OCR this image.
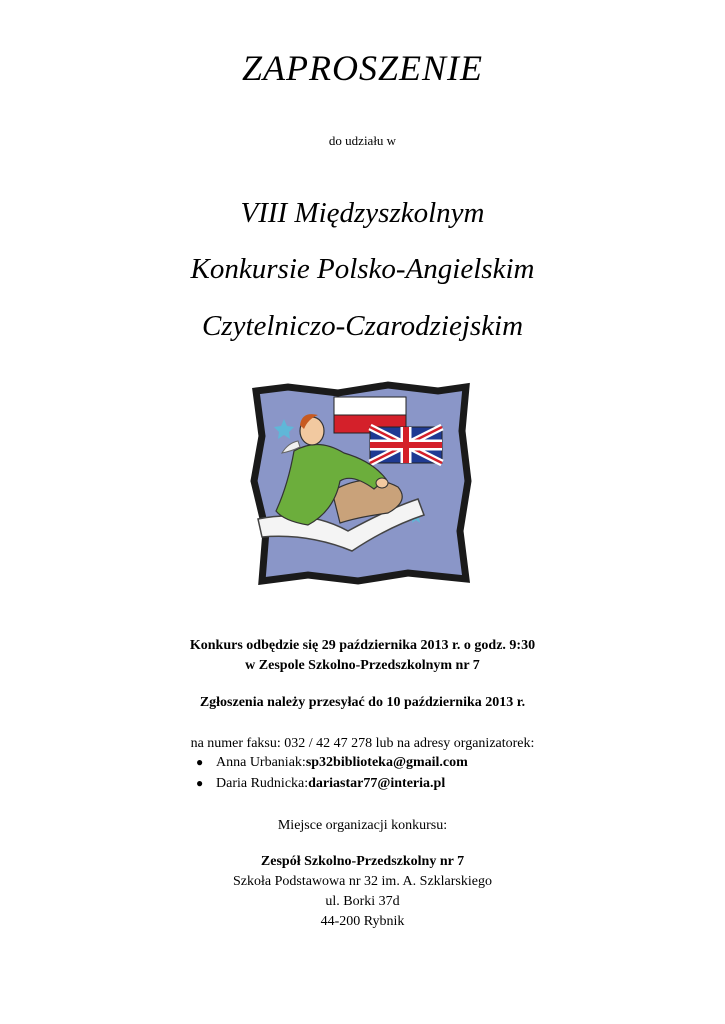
ZAPROSZENIE
do udziału w
VIII Międzyszkolnym
Konkursie Polsko-Angielskim
Czytelniczo-Czarodziejskim
Konkurs odbędzie się 29 października 2013 r. o godz. 9:30
w Zespole Szkolno-Przedszkolnym nr 7
Zgłoszenia należy przesyłać do 10 października 2013 r.
na numer faksu: 032 / 42 47 278 lub na adresy organizatorek:
● Anna Urbaniak: sp32biblioteka@gmail.com
● Daria Rudnicka: dariastar77@interia.pl
Miejsce organizacji konkursu:
Zespół Szkolno-Przedszkolny nr 7
Szkoła Podstawowa nr 32 im. A. Szklarskiego
ul. Borki 37d
44-200 Rybnik
